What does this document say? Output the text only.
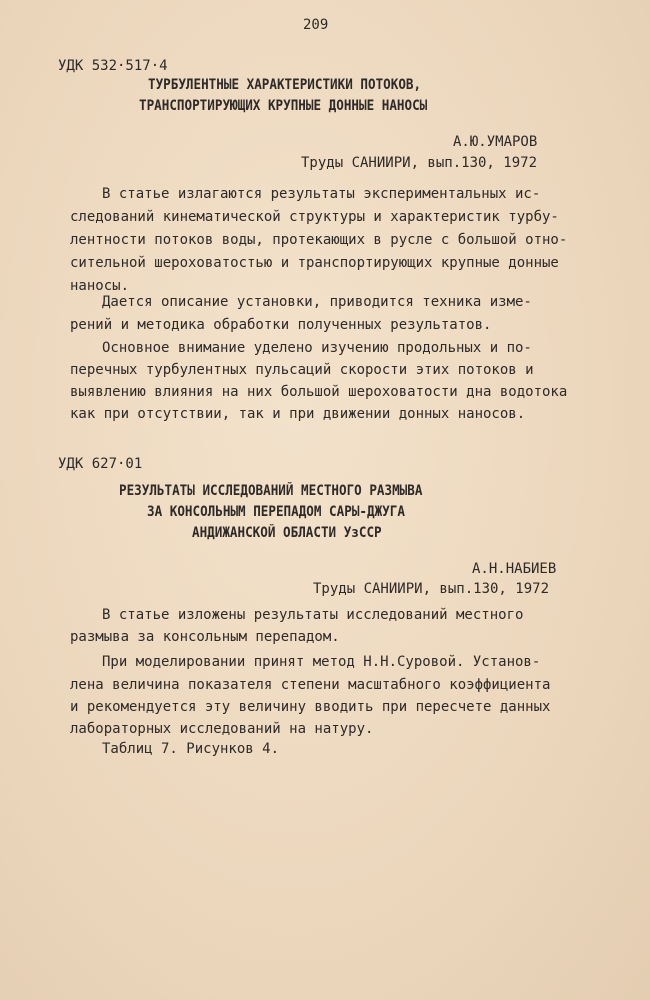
209
УДК 532·517·4
ТУРБУЛЕНТНЫЕ ХАРАКТЕРИСТИКИ ПОТОКОВ,
ТРАНСПОРТИРУЮЩИХ КРУПНЫЕ ДОННЫЕ НАНОСЫ
А.Ю.УМАРОВ
Труды САНИИРИ, вып.130, 1972
В статье излагаются результаты экспериментальных ис-
следований кинематической структуры и характеристик турбу-
лентности потоков воды, протекающих в русле с большой отно-
сительной шероховатостью и транспортирующих крупные донные
наносы.
Дается описание установки, приводится техника изме-
рений и методика обработки полученных результатов.
Основное внимание уделено изучению продольных и по-
перечных турбулентных пульсаций скорости этих потоков и
выявлению влияния на них большой шероховатости дна водотока
как при отсутствии, так и при движении донных наносов.
УДК 627·01
РЕЗУЛЬТАТЫ ИССЛЕДОВАНИЙ МЕСТНОГО РАЗМЫВА
ЗА КОНСОЛЬНЫМ ПЕРЕПАДОМ САРЫ-ДЖУГА
АНДИЖАНСКОЙ ОБЛАСТИ УзССР
А.Н.НАБИЕВ
Труды САНИИРИ, вып.130, 1972
В статье изложены результаты исследований местного
размыва за консольным перепадом.
При моделировании принят метод Н.Н.Суровой. Установ-
лена величина показателя степени масштабного коэффициента
и рекомендуется эту величину вводить при пересчете данных
лабораторных исследований на натуру.
Таблиц 7. Рисунков 4.
